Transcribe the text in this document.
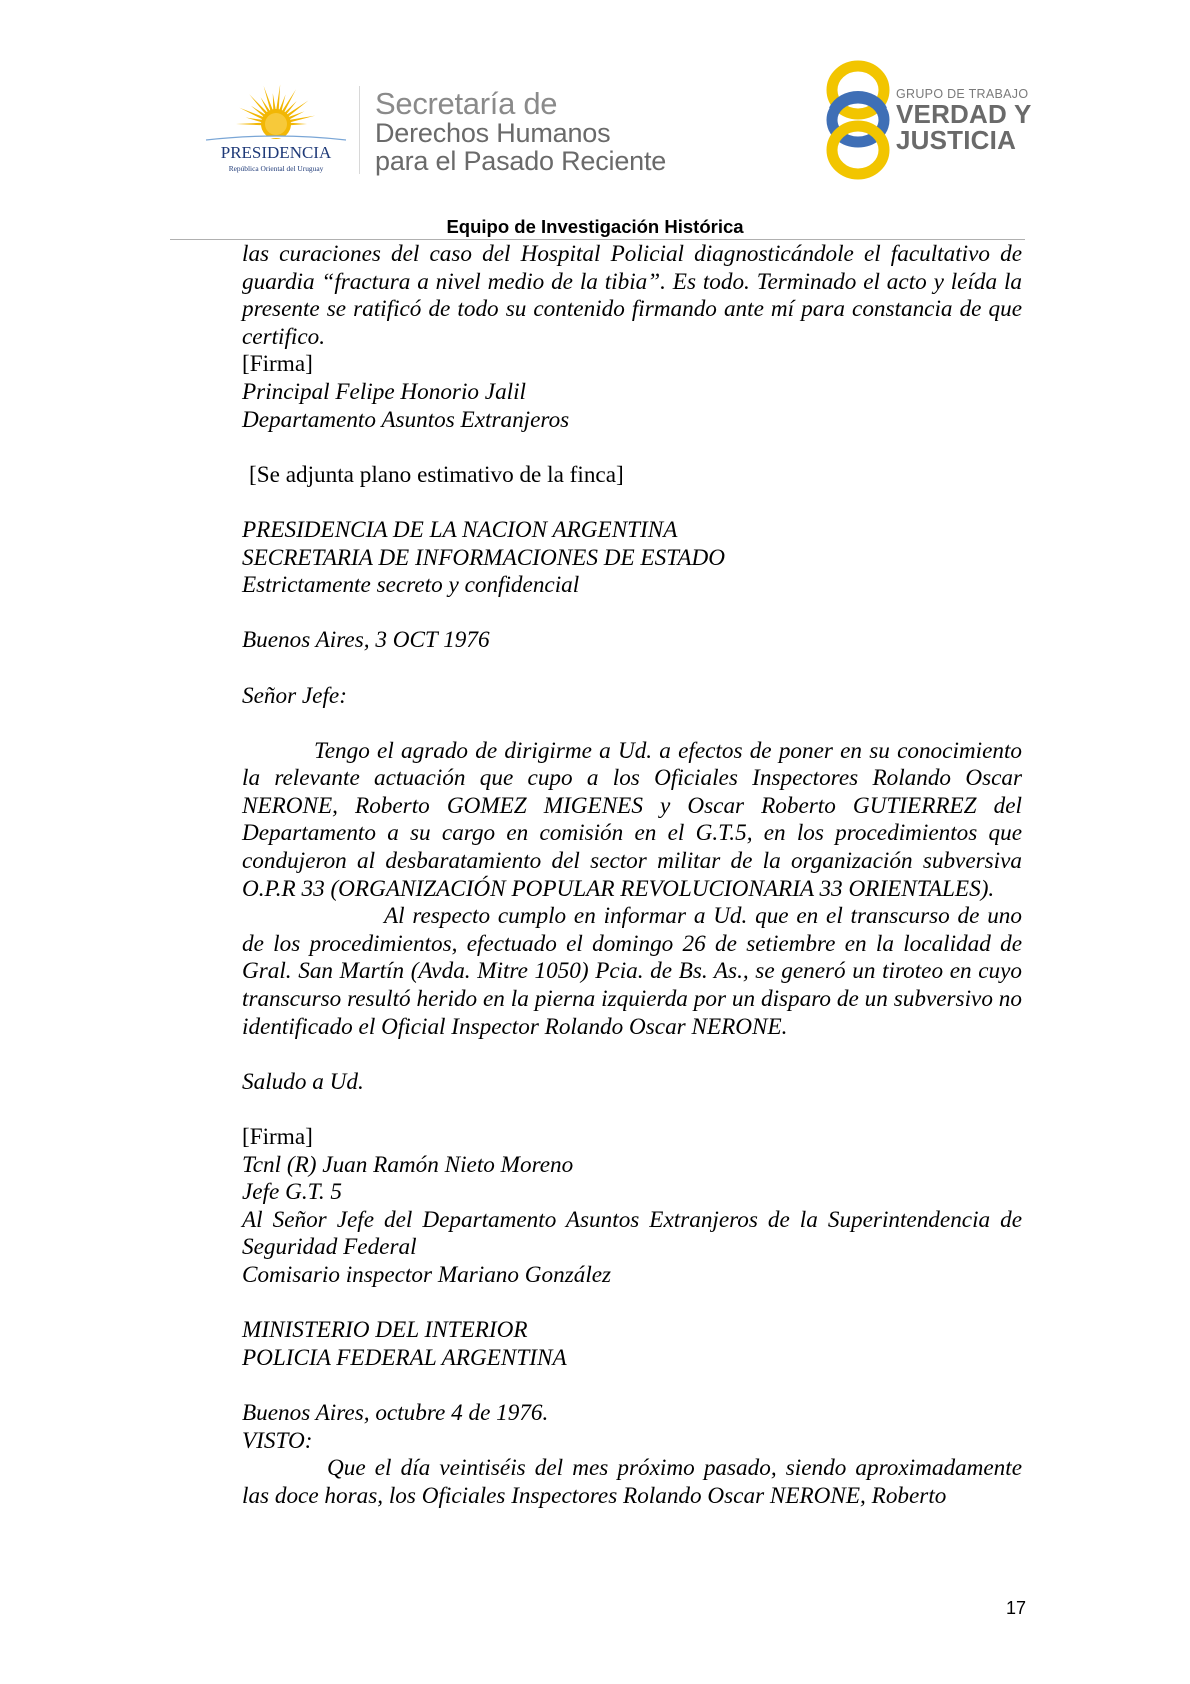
PRESIDENCIA
República Oriental del Uruguay
Secretaría de
Derechos Humanos
para el Pasado Reciente
GRUPO DE TRABAJO
VERDAD Y
JUSTICIA
Equipo de Investigación Histórica

las curaciones del caso del Hospital Policial diagnosticándole el facultativo de guardia “fractura a nivel medio de la tibia”. Es todo. Terminado el acto y leída la presente se ratificó de todo su contenido firmando ante mí para constancia de que certifico.

[Firma]

Principal Felipe Honorio Jalil

Departamento Asuntos Extranjeros

[Se adjunta plano estimativo de la finca]

PRESIDENCIA DE LA NACION ARGENTINA

SECRETARIA DE INFORMACIONES DE ESTADO

Estrictamente secreto y confidencial

Buenos Aires, 3 OCT 1976

Señor Jefe:

Tengo el agrado de dirigirme a Ud. a efectos de poner en su conocimiento la relevante actuación que cupo a los Oficiales Inspectores Rolando Oscar NERONE, Roberto GOMEZ MIGENES y Oscar Roberto GUTIERREZ del Departamento a su cargo en comisión en el G.T.5, en los procedimientos que condujeron al desbaratamiento del sector militar de la organización subversiva O.P.R 33 (ORGANIZACIÓN POPULAR REVOLUCIONARIA 33 ORIENTALES).

Al respecto cumplo en informar a Ud. que en el transcurso de uno de los procedimientos, efectuado el domingo 26 de setiembre en la localidad de Gral. San Martín (Avda. Mitre 1050) Pcia. de Bs. As., se generó un tiroteo en cuyo transcurso resultó herido en la pierna izquierda por un disparo de un subversivo no identificado el Oficial Inspector Rolando Oscar NERONE.

Saludo a Ud.

[Firma]

Tcnl (R) Juan Ramón Nieto Moreno

Jefe G.T. 5

Al Señor Jefe del Departamento Asuntos Extranjeros de la Superintendencia de Seguridad Federal

Comisario inspector Mariano González

MINISTERIO DEL INTERIOR

POLICIA FEDERAL ARGENTINA

Buenos Aires, octubre 4 de 1976.

VISTO:

Que el día veintiséis del mes próximo pasado, siendo aproximadamente las doce horas, los Oficiales Inspectores Rolando Oscar NERONE, Roberto

17
